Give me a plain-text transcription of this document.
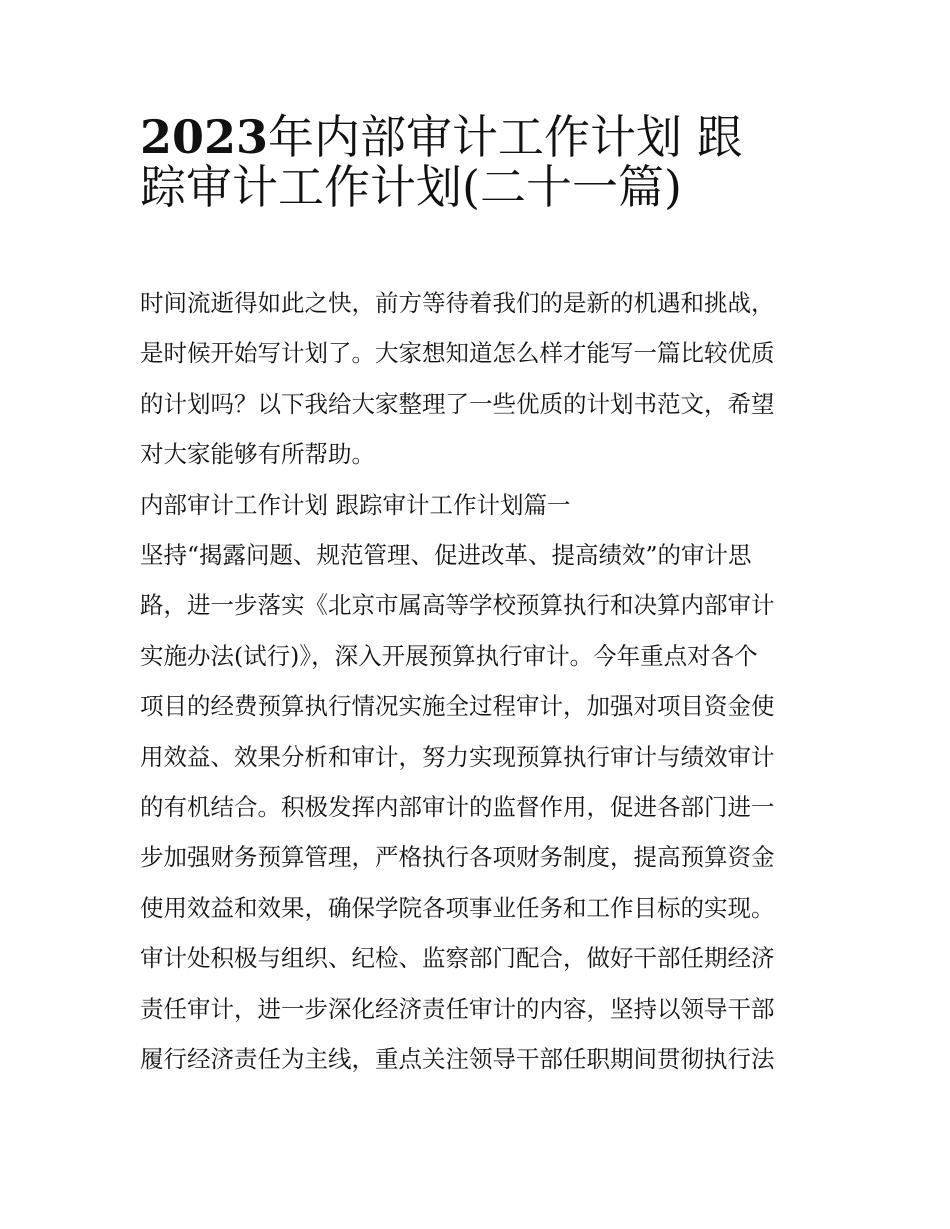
2023年内部审计工作计划 跟
踪审计工作计划(二十一篇)
时间流逝得如此之快，前方等待着我们的是新的机遇和挑战，
是时候开始写计划了。大家想知道怎么样才能写一篇比较优质
的计划吗？以下我给大家整理了一些优质的计划书范文，希望
对大家能够有所帮助。
内部审计工作计划 跟踪审计工作计划篇一
坚持“揭露问题、规范管理、促进改革、提高绩效”的审计思
路，进一步落实《北京市属高等学校预算执行和决算内部审计
实施办法(试行)》，深入开展预算执行审计。今年重点对各个
项目的经费预算执行情况实施全过程审计，加强对项目资金使
用效益、效果分析和审计，努力实现预算执行审计与绩效审计
的有机结合。积极发挥内部审计的监督作用，促进各部门进一
步加强财务预算管理，严格执行各项财务制度，提高预算资金
使用效益和效果，确保学院各项事业任务和工作目标的实现。
审计处积极与组织、纪检、监察部门配合，做好干部任期经济
责任审计，进一步深化经济责任审计的内容，坚持以领导干部
履行经济责任为主线，重点关注领导干部任职期间贯彻执行法
